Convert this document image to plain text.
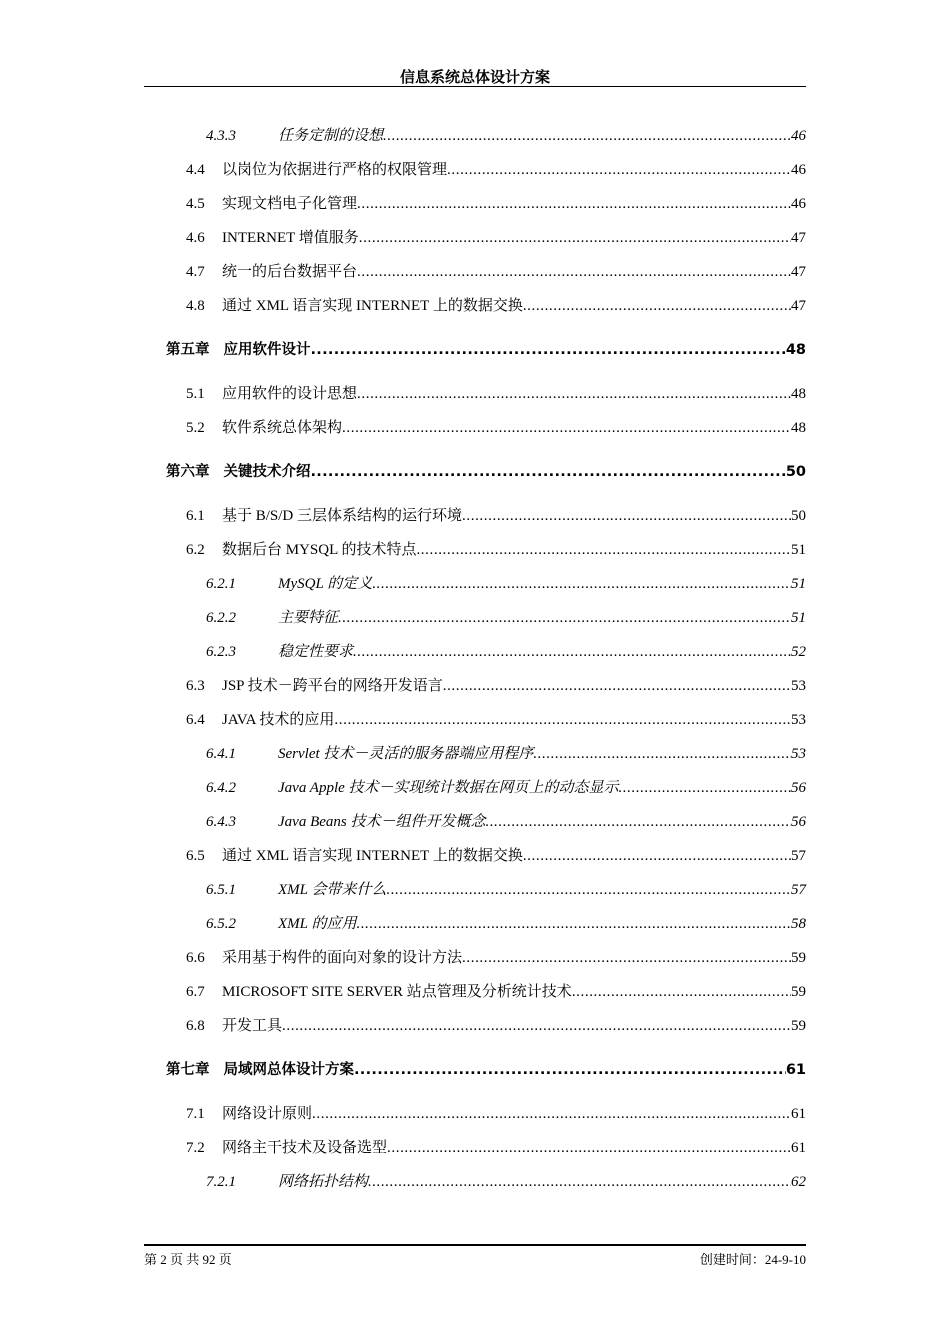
信息系统总体设计方案
4.3.3	任务定制的设想 .....	46
4.4	以岗位为依据进行严格的权限管理 .....	46
4.5	实现文档电子化管理 .....	46
4.6	INTERNET 增值服务 .....	47
4.7	统一的后台数据平台 .....	47
4.8	通过 XML 语言实现 INTERNET 上的数据交换 .....	47
第五章 应用软件设计 .....	48
5.1	应用软件的设计思想 .....	48
5.2	软件系统总体架构 .....	48
第六章 关键技术介绍 .....	50
6.1	基于 B/S/D 三层体系结构的运行环境 .....	50
6.2	数据后台 MYSQL 的技术特点 .....	51
6.2.1	MySQL 的定义 .....	51
6.2.2	主要特征 .....	51
6.2.3	稳定性要求 .....	52
6.3	JSP 技术－跨平台的网络开发语言 .....	53
6.4	JAVA 技术的应用 .....	53
6.4.1	Servlet 技术－灵活的服务器端应用程序 .....	53
6.4.2	Java Apple 技术－实现统计数据在网页上的动态显示 .....	56
6.4.3	Java Beans 技术－组件开发概念 .....	56
6.5	通过 XML 语言实现 INTERNET 上的数据交换 .....	57
6.5.1	XML 会带来什么 .....	57
6.5.2	XML 的应用 .....	58
6.6	采用基于构件的面向对象的设计方法 .....	59
6.7	MICROSOFT SITE SERVER 站点管理及分析统计技术 .....	59
6.8	开发工具 .....	59
第七章 局域网总体设计方案 .....	61
7.1	网络设计原则 .....	61
7.2	网络主干技术及设备选型 .....	61
7.2.1	网络拓扑结构 .....	62
第 2 页 共 92 页	创建时间：24-9-10
